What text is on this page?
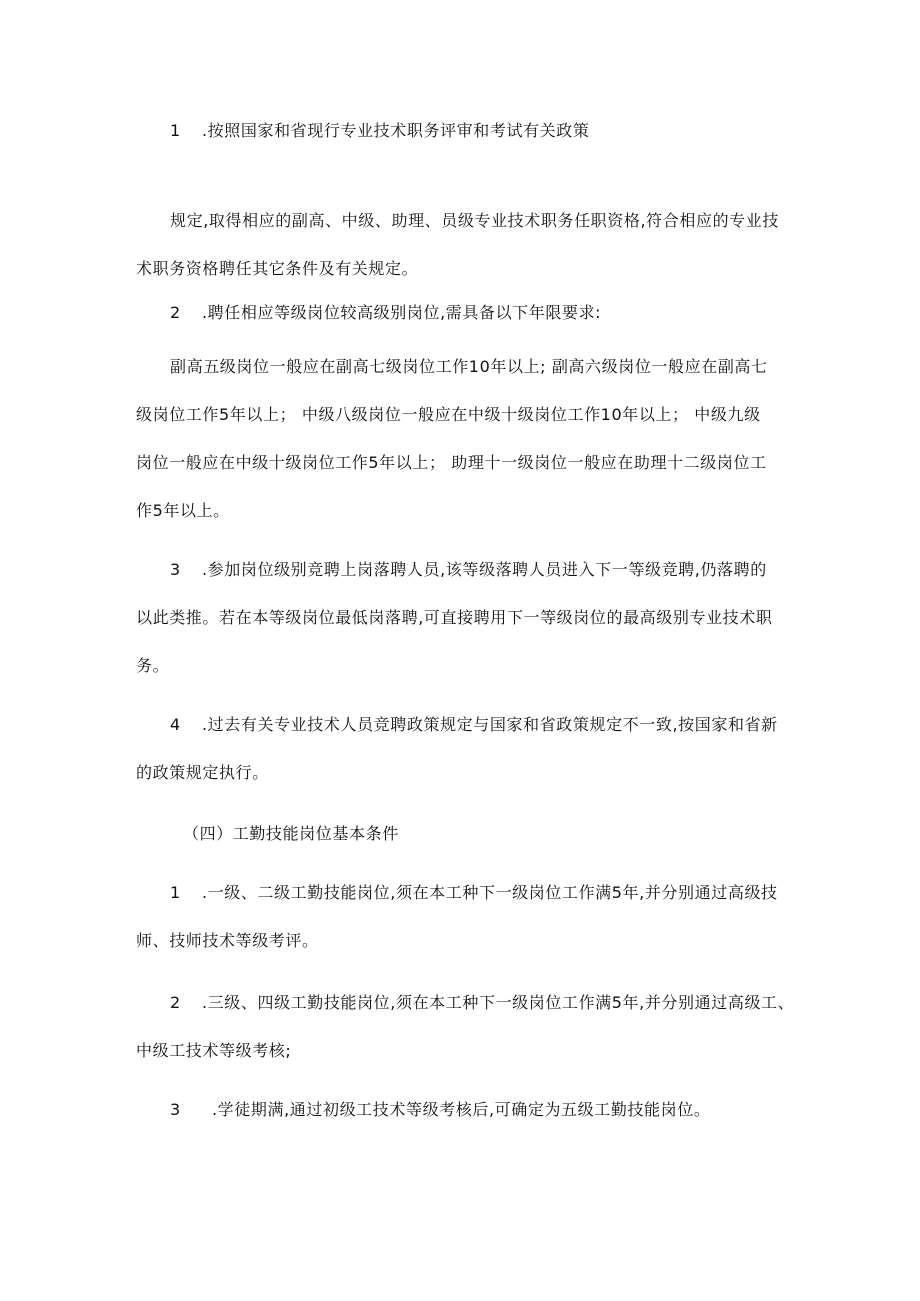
1 .按照国家和省现行专业技术职务评审和考试有关政策
规定,取得相应的副高、中级、助理、员级专业技术职务任职资格,符合相应的专业技
术职务资格聘任其它条件及有关规定。
2 .聘任相应等级岗位较高级别岗位,需具备以下年限要求:
副高五级岗位一般应在副高七级岗位工作10年以上; 副高六级岗位一般应在副高七
级岗位工作5年以上； 中级八级岗位一般应在中级十级岗位工作10年以上； 中级九级
岗位一般应在中级十级岗位工作5年以上； 助理十一级岗位一般应在助理十二级岗位工
作5年以上。
3 .参加岗位级别竞聘上岗落聘人员,该等级落聘人员进入下一等级竞聘,仍落聘的
以此类推。若在本等级岗位最低岗落聘,可直接聘用下一等级岗位的最高级别专业技术职
务。
4 .过去有关专业技术人员竞聘政策规定与国家和省政策规定不一致,按国家和省新
的政策规定执行。
（四）工勤技能岗位基本条件
1 .一级、二级工勤技能岗位,须在本工种下一级岗位工作满5年,并分别通过高级技
师、技师技术等级考评。
2 .三级、四级工勤技能岗位,须在本工种下一级岗位工作满5年,并分别通过高级工、
中级工技术等级考核;
3 .学徒期满,通过初级工技术等级考核后,可确定为五级工勤技能岗位。
